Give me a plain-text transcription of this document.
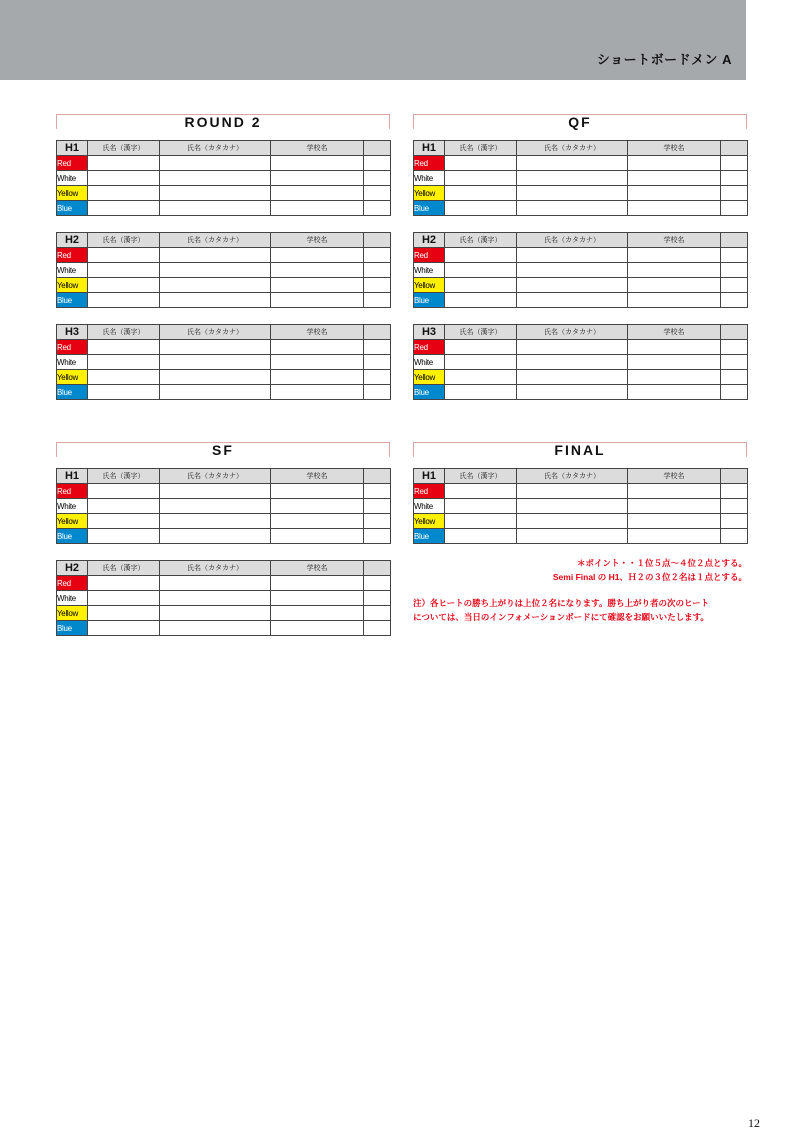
ショートボードメン A
ROUND 2
H1	氏名（漢字）	氏名（カタカナ）	学校名	
Red				
White				
Yellow				
Blue				
H2	氏名（漢字）	氏名（カタカナ）	学校名	
Red				
White				
Yellow				
Blue				
H3	氏名（漢字）	氏名（カタカナ）	学校名	
Red				
White				
Yellow				
Blue				
QF
H1	氏名（漢字）	氏名（カタカナ）	学校名	
Red				
White				
Yellow				
Blue				
H2	氏名（漢字）	氏名（カタカナ）	学校名	
Red				
White				
Yellow				
Blue				
H3	氏名（漢字）	氏名（カタカナ）	学校名	
Red				
White				
Yellow				
Blue				
SF
H1	氏名（漢字）	氏名（カタカナ）	学校名	
Red				
White				
Yellow				
Blue				
H2	氏名（漢字）	氏名（カタカナ）	学校名	
Red				
White				
Yellow				
Blue				
FINAL
H1	氏名（漢字）	氏名（カタカナ）	学校名	
Red				
White				
Yellow				
Blue				
＊ポイント・・１位５点～４位２点とする。
Semi Final の H1、Ｈ２の３位２名は１点とする。
注）各ヒートの勝ち上がりは上位２名になります。勝ち上がり者の次のヒート
については、当日のインフォメーションボードにて確認をお願いいたします。
12
